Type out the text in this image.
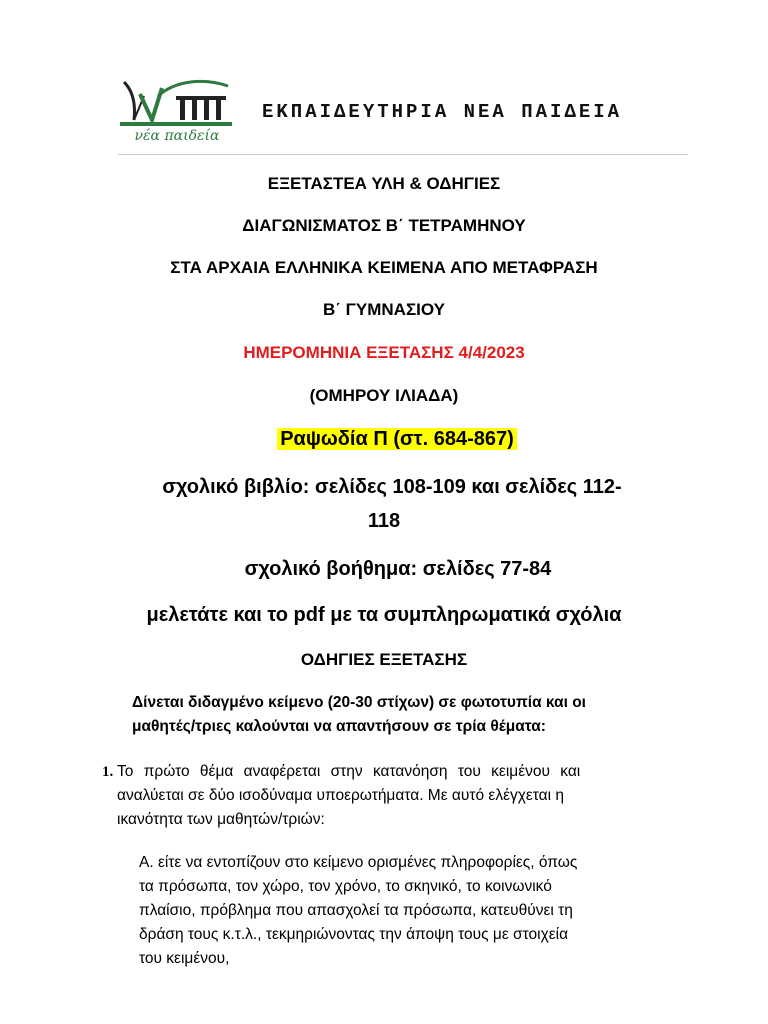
νέα παιδεία
ΕΚΠΑΙΔΕΥΤΗΡΙΑ ΝΕΑ ΠΑΙΔΕΙΑ
ΕΞΕΤΑΣΤΕΑ ΥΛΗ & ΟΔΗΓΙΕΣ
ΔΙΑΓΩΝΙΣΜΑΤΟΣ Β΄ ΤΕΤΡΑΜΗΝΟΥ
ΣΤΑ ΑΡΧΑΙΑ ΕΛΛΗΝΙΚΑ ΚΕΙΜΕΝΑ ΑΠΟ ΜΕΤΑΦΡΑΣΗ
Β΄ ΓΥΜΝΑΣΙΟΥ
ΗΜΕΡΟΜΗΝΙΑ ΕΞΕΤΑΣΗΣ 4/4/2023
(ΟΜΗΡΟΥ ΙΛΙΑΔΑ)
Ραψωδία Π (στ. 684-867)
σχολικό βιβλίο: σελίδες 108-109 και σελίδες 112-
118
σχολικό βοήθημα: σελίδες 77-84
μελετάτε και το pdf με τα συμπληρωματικά σχόλια
ΟΔΗΓΙΕΣ ΕΞΕΤΑΣΗΣ
Δίνεται διδαγμένο κείμενο (20-30 στίχων) σε φωτοτυπία και οι
μαθητές/τριες καλούνται να απαντήσουν σε τρία θέματα:
1. Το πρώτο θέμα αναφέρεται στην κατανόηση του κειμένου και
αναλύεται σε δύο ισοδύναμα υποερωτήματα. Με αυτό ελέγχεται η
ικανότητα των μαθητών/τριών:
Α. είτε να εντοπίζουν στο κείμενο ορισμένες πληροφορίες, όπως
τα πρόσωπα, τον χώρο, τον χρόνο, το σκηνικό, το κοινωνικό
πλαίσιο, πρόβλημα που απασχολεί τα πρόσωπα, κατευθύνει τη
δράση τους κ.τ.λ., τεκμηριώνοντας την άποψη τους με στοιχεία
του κειμένου,
